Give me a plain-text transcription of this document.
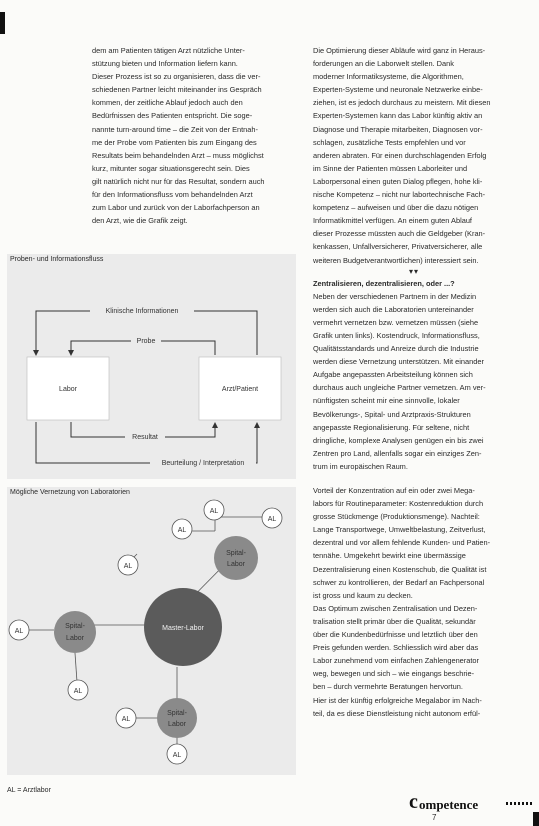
dem am Patienten tätigen Arzt nützliche Unter-

stützung bieten und Information liefern kann.

Dieser Prozess ist so zu organisieren, dass die ver-

schiedenen Partner leicht miteinander ins Gespräch

kommen, der zeitliche Ablauf jedoch auch den

Bedürfnissen des Patienten entspricht. Die soge-

nannte turn-around time – die Zeit von der Entnah-

me der Probe vom Patienten bis zum Eingang des

Resultats beim behandelnden Arzt – muss möglichst

kurz, mitunter sogar situationsgerecht sein. Dies

gilt natürlich nicht nur für das Resultat, sondern auch

für den Informationsfluss vom behandelnden Arzt

zum Labor und zurück von der Laborfachperson an

den Arzt, wie die Grafik zeigt.

Die Optimierung dieser Abläufe wird ganz in Heraus-

forderungen an die Laborwelt stellen. Dank

moderner Informatiksysteme, die Algorithmen,

Experten-Systeme und neuronale Netzwerke einbe-

ziehen, ist es jedoch durchaus zu meistern. Mit diesen

Experten-Systemen kann das Labor künftig aktiv an

Diagnose und Therapie mitarbeiten, Diagnosen vor-

schlagen, zusätzliche Tests empfehlen und vor

anderen abraten. Für einen durchschlagenden Erfolg

im Sinne der Patienten müssen Laborleiter und

Laborpersonal einen guten Dialog pflegen, hohe kli-

nische Kompetenz – nicht nur labortechnische Fach-

kompetenz – aufweisen und über die dazu nötigen

Informatikmittel verfügen. An einem guten Ablauf

dieser Prozesse müssten auch die Geldgeber (Kran-

kenkassen, Unfallversicherer, Privatversicherer, alle

weiteren Budgetverantwortlichen) interessiert sein.

▾▾

Zentralisieren, dezentralisieren, oder ...?

Neben der verschiedenen Partnern in der Medizin

werden sich auch die Laboratorien untereinander

vermehrt vernetzen bzw. vernetzen müssen (siehe

Grafik unten links). Kostendruck, Informationsfluss,

Qualitätsstandards und Anreize durch die Industrie

werden diese Vernetzung unterstützen. Mit einander

Aufgabe angepassten Arbeitsteilung können sich

durchaus auch ungleiche Partner vernetzen. Am ver-

nünftigsten scheint mir eine sinnvolle, lokaler

Bevölkerungs-, Spital- und Arztpraxis-Strukturen

angepasste Regionalisierung. Für seltene, nicht

dringliche, komplexe Analysen genügen ein bis zwei

Zentren pro Land, allenfalls sogar ein einziges Zen-

trum im europäischen Raum.

Vorteil der Konzentration auf ein oder zwei Mega-

labors für Routineparameter: Kostenreduktion durch

grosse Stückmenge (Produktionsmenge). Nachteil:

Lange Transportwege, Umweltbelastung, Zeitverlust,

dezentral und vor allem fehlende Kunden- und Patien-

tennähe. Umgekehrt bewirkt eine übermässige

Dezentralisierung einen Kostenschub, die Qualität ist

schwer zu kontrollieren, der Bedarf an Fachpersonal

ist gross und kaum zu decken.

Das Optimum zwischen Zentralisation und Dezen-

tralisation stellt primär über die Qualität, sekundär

über die Kundenbedürfnisse und letztlich über den

Preis gefunden werden. Schliesslich wird aber das

Labor zunehmend vom einfachen Zahlengenerator

weg, bewegen und sich – wie eingangs beschrie-

ben – durch vermehrte Beratungen hervortun.

Hier ist der künftig erfolgreiche Megalabor im Nach-

teil, da es diese Dienstleistung nicht autonom erfül-

Proben- und Informationsfluss
Klinische Informationen
Probe
Labor	Arzt/Patient
Resultat
Beurteilung / Interpretation
Mögliche Vernetzung von Laboratorien
Master-Labor
Spital-
Labor
Spital-
Labor
Spital-
Labor
AL
AL
AL
AL
AL
AL
AL
AL
AL = Arztlabor
c ompetence
7
